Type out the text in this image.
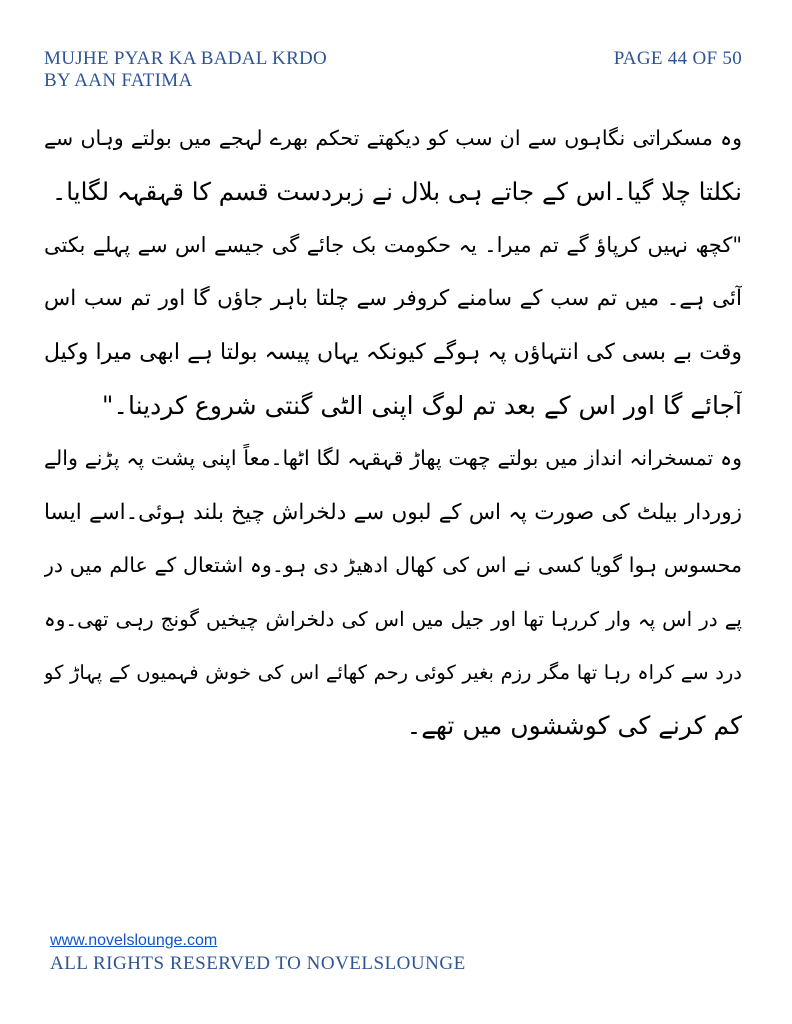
MUJHE PYAR KA BADAL KRDO
BY AAN FATIMA
PAGE 44 OF 50
وہ مسکراتی نگاہوں سے ان سب کو دیکھتے تحکم بھرے لہجے میں بولتے وہاں سے
نکلتا چلا گیا۔اس کے جاتے ہی بلال نے زبردست قسم کا قہقہہ لگایا۔
"کچھ نہیں کرپاؤ گے تم میرا۔ یہ حکومت بک جائے گی جیسے اس سے پہلے بکتی
آئی ہے۔ میں تم سب کے سامنے کروفر سے چلتا باہر جاؤں گا اور تم سب اس
وقت بے بسی کی انتہاؤں پہ ہوگے کیونکہ یہاں پیسہ بولتا ہے ابھی میرا وکیل
آجائے گا اور اس کے بعد تم لوگ اپنی الٹی گنتی شروع کردینا۔"
وہ تمسخرانہ انداز میں بولتے چھت پھاڑ قہقہہ لگا اٹھا۔معاً اپنی پشت پہ پڑنے والے
زوردار بیلٹ کی صورت پہ اس کے لبوں سے دلخراش چیخ بلند ہوئی۔اسے ایسا
محسوس ہوا گویا کسی نے اس کی کھال ادھیڑ دی ہو۔وہ اشتعال کے عالم میں در
پے در اس پہ وار کررہا تھا اور جیل میں اس کی دلخراش چیخیں گونج رہی تھی۔وہ
درد سے کراہ رہا تھا مگر رزم بغیر کوئی رحم کھائے اس کی خوش فہمیوں کے پہاڑ کو
کم کرنے کی کوششوں میں تھے۔
www.novelslounge.com
ALL RIGHTS RESERVED TO NOVELSLOUNGE
